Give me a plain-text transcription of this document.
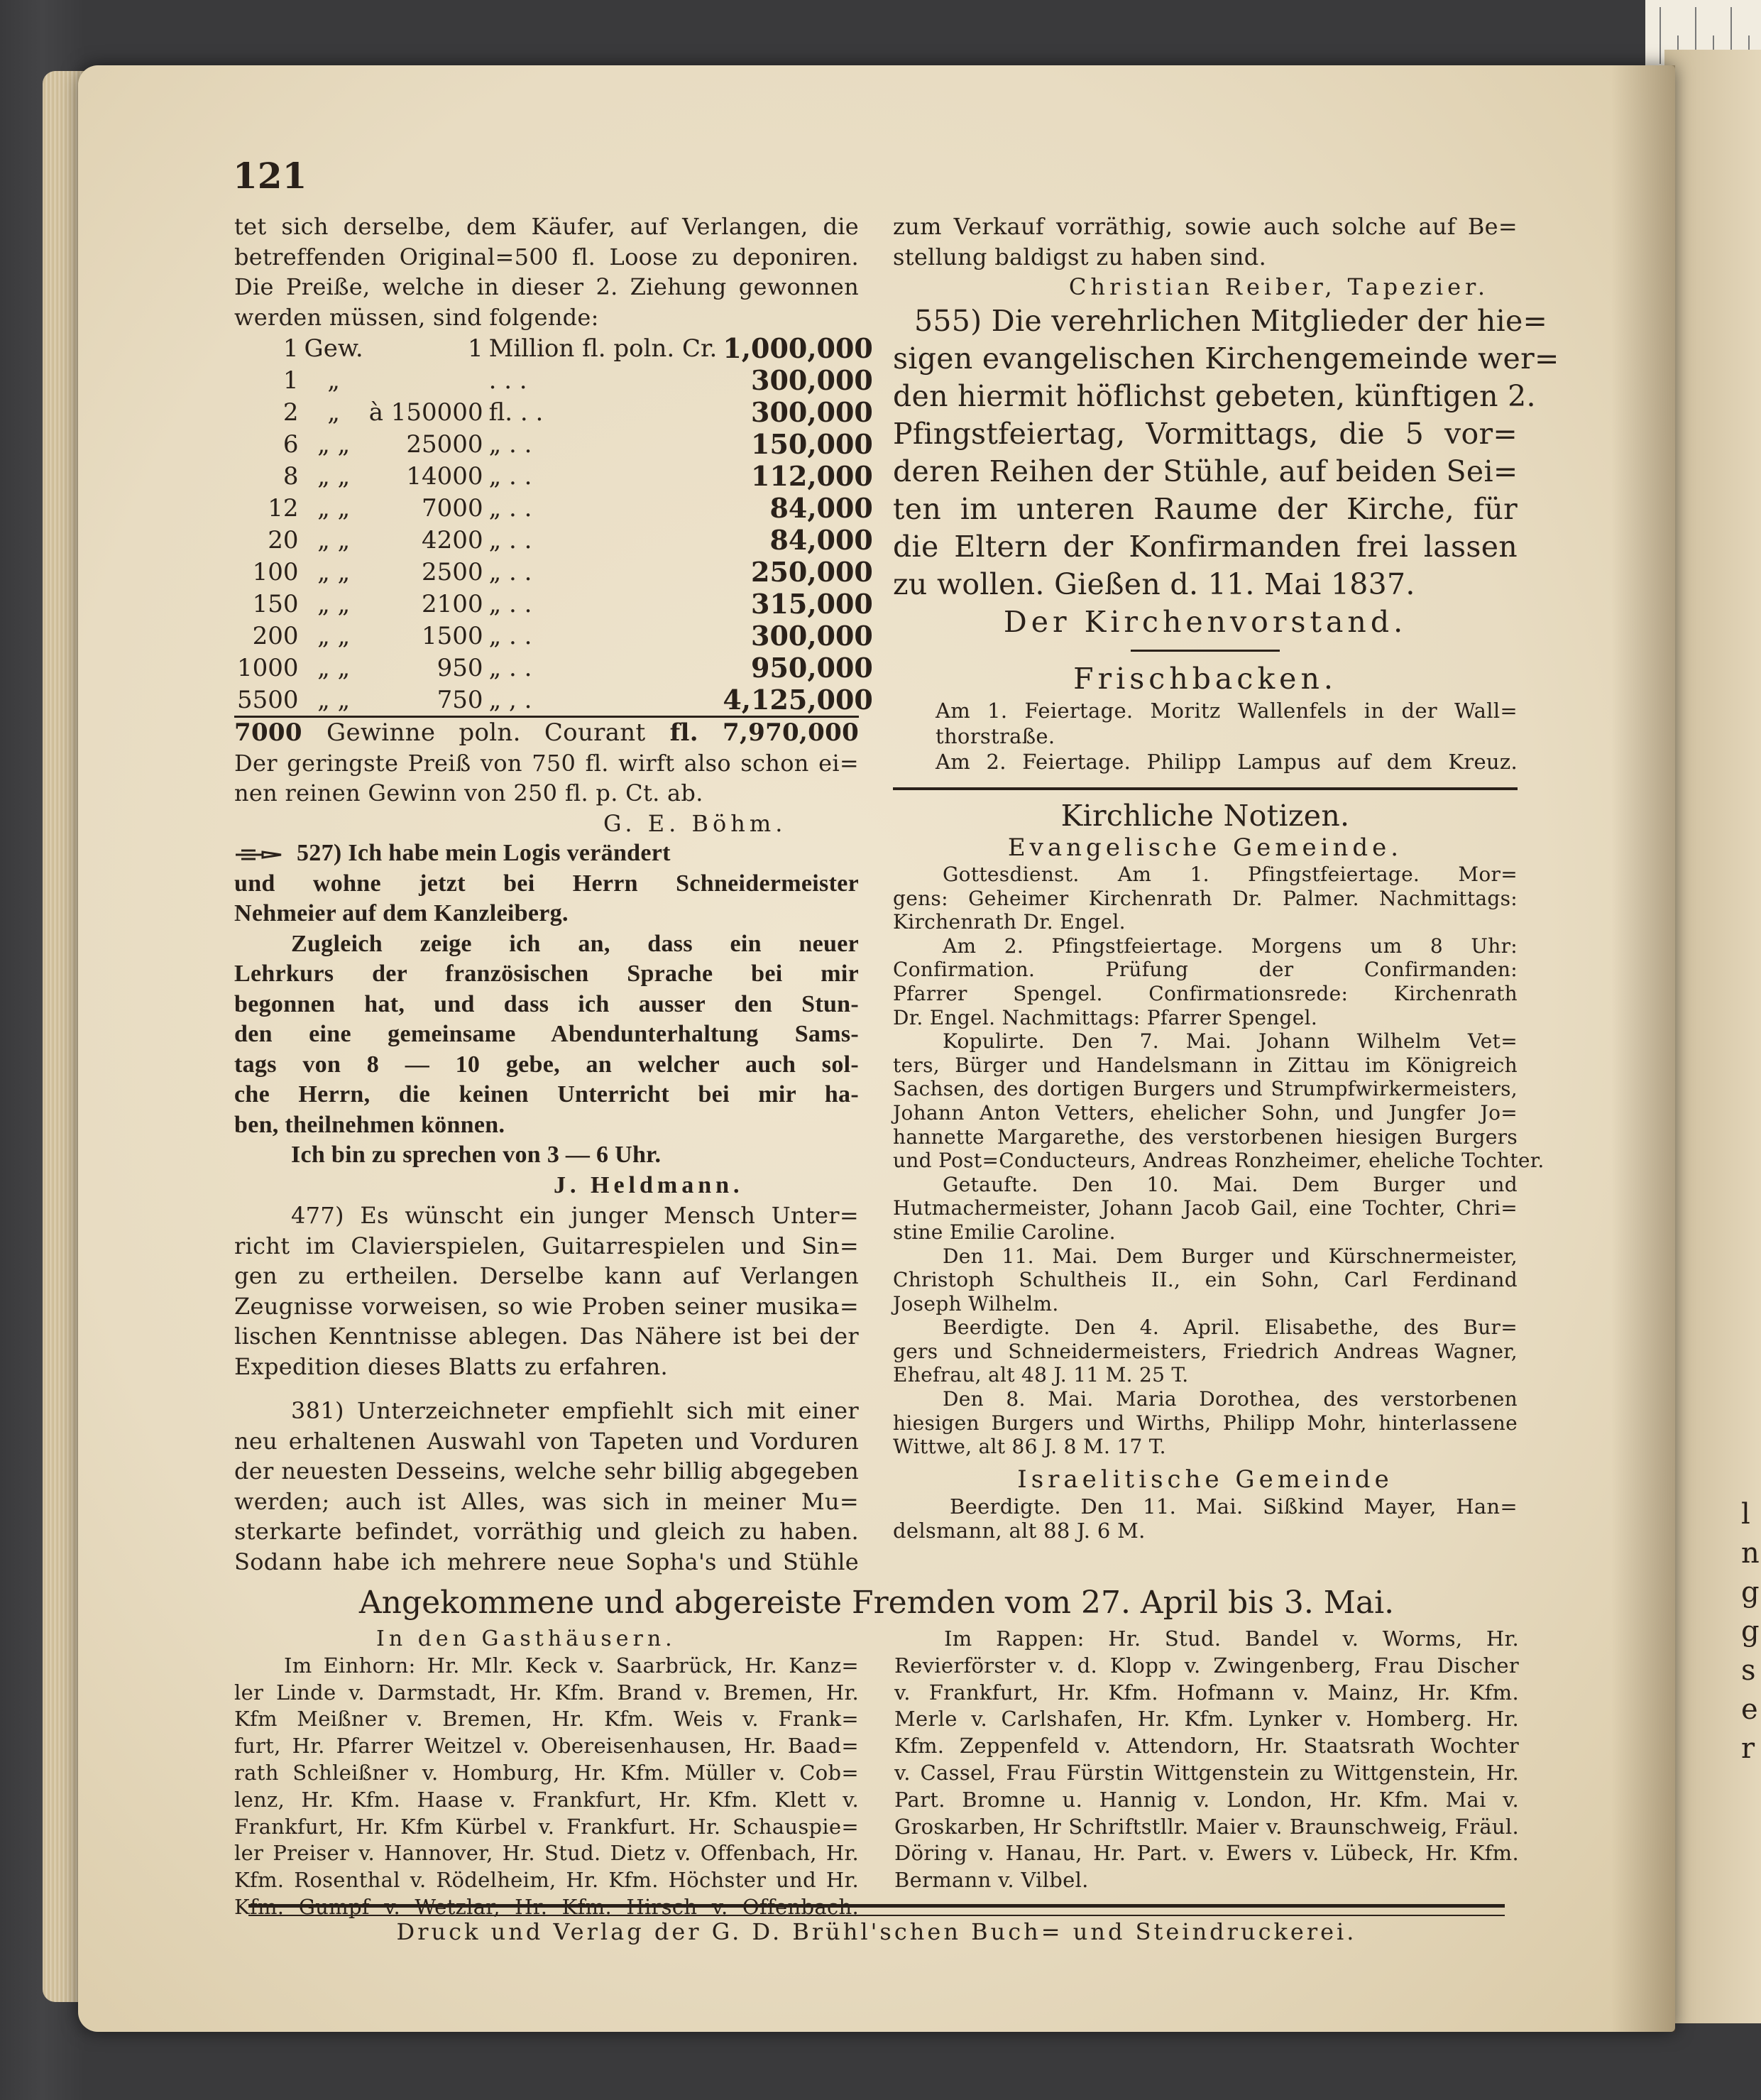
l
n
g
g
s
e
r
121
tet sich derselbe, dem Käufer, auf Verlangen, die
betreffenden Original=500 fl. Loose zu deponiren.
Die Preiße, welche in dieser 2. Ziehung gewonnen
werden müssen, sind folgende:
1	Gew.	1	Million fl. poln. Cr.	1,000,000
1	„		. . .	300,000
2	„	à 150000	fl. . .	300,000
6	„ „	25000	„ . .	150,000
8	„ „	14000	„ . .	112,000
12	„ „	7000	„ . .	84,000
20	„ „	4200	„ . .	84,000
100	„ „	2500	„ . .	250,000
150	„ „	2100	„ . .	315,000
200	„ „	1500	„ . .	300,000
1000	„ „	950	„ . .	950,000
5500	„ „	750	„ , .	4,125,000
7000 Gewinne poln. Courant fl. 7,970,000
Der geringste Preiß von 750 fl. wirft also schon ei=
nen reinen Gewinn von 250 fl. p. Ct. ab.
G. E. Böhm.
527) Ich habe mein Logis verändert
und wohne jetzt bei Herrn Schneidermeister
Nehmeier auf dem Kanzleiberg.
Zugleich zeige ich an, dass ein neuer
Lehrkurs der französischen Sprache bei mir
begonnen hat, und dass ich ausser den Stun-
den eine gemeinsame Abendunterhaltung Sams-
tags von 8 — 10 gebe, an welcher auch sol-
che Herrn, die keinen Unterricht bei mir ha-
ben, theilnehmen können.
Ich bin zu sprechen von 3 — 6 Uhr.
J. Heldmann.
477) Es wünscht ein junger Mensch Unter=
richt im Clavierspielen, Guitarrespielen und Sin=
gen zu ertheilen. Derselbe kann auf Verlangen
Zeugnisse vorweisen, so wie Proben seiner musika=
lischen Kenntnisse ablegen. Das Nähere ist bei der
Expedition dieses Blatts zu erfahren.
381) Unterzeichneter empfiehlt sich mit einer
neu erhaltenen Auswahl von Tapeten und Vorduren
der neuesten Desseins, welche sehr billig abgegeben
werden; auch ist Alles, was sich in meiner Mu=
sterkarte befindet, vorräthig und gleich zu haben.
Sodann habe ich mehrere neue Sopha's und Stühle
zum Verkauf vorräthig, sowie auch solche auf Be=
stellung baldigst zu haben sind.
Christian Reiber, Tapezier.
555) Die verehrlichen Mitglieder der hie=
sigen evangelischen Kirchengemeinde wer=
den hiermit höflichst gebeten, künftigen 2.
Pfingstfeiertag, Vormittags, die 5 vor=
deren Reihen der Stühle, auf beiden Sei=
ten im unteren Raume der Kirche, für
die Eltern der Konfirmanden frei lassen
zu wollen. Gießen d. 11. Mai 1837.
Der Kirchenvorstand.
Frischbacken.
Am 1. Feiertage. Moritz Wallenfels in der Wall=
thorstraße.
Am 2. Feiertage. Philipp Lampus auf dem Kreuz.
Kirchliche Notizen.
Evangelische Gemeinde.
Gottesdienst. Am 1. Pfingstfeiertage. Mor=
gens: Geheimer Kirchenrath Dr. Palmer. Nachmittags:
Kirchenrath Dr. Engel.
Am 2. Pfingstfeiertage. Morgens um 8 Uhr:
Confirmation. Prüfung der Confirmanden:
Pfarrer Spengel. Confirmationsrede: Kirchenrath
Dr. Engel. Nachmittags: Pfarrer Spengel.
Kopulirte. Den 7. Mai. Johann Wilhelm Vet=
ters, Bürger und Handelsmann in Zittau im Königreich
Sachsen, des dortigen Burgers und Strumpfwirkermeisters,
Johann Anton Vetters, ehelicher Sohn, und Jungfer Jo=
hannette Margarethe, des verstorbenen hiesigen Burgers
und Post=Conducteurs, Andreas Ronzheimer, eheliche Tochter.
Getaufte. Den 10. Mai. Dem Burger und
Hutmachermeister, Johann Jacob Gail, eine Tochter, Chri=
stine Emilie Caroline.
Den 11. Mai. Dem Burger und Kürschnermeister,
Christoph Schultheis II., ein Sohn, Carl Ferdinand
Joseph Wilhelm.
Beerdigte. Den 4. April. Elisabethe, des Bur=
gers und Schneidermeisters, Friedrich Andreas Wagner,
Ehefrau, alt 48 J. 11 M. 25 T.
Den 8. Mai. Maria Dorothea, des verstorbenen
hiesigen Burgers und Wirths, Philipp Mohr, hinterlassene
Wittwe, alt 86 J. 8 M. 17 T.
Israelitische Gemeinde
Beerdigte. Den 11. Mai. Sißkind Mayer, Han=
delsmann, alt 88 J. 6 M.
Angekommene und abgereiste Fremden vom 27. April bis 3. Mai.
In den Gasthäusern.
Im Einhorn: Hr. Mlr. Keck v. Saarbrück, Hr. Kanz=
ler Linde v. Darmstadt, Hr. Kfm. Brand v. Bremen, Hr.
Kfm Meißner v. Bremen, Hr. Kfm. Weis v. Frank=
furt, Hr. Pfarrer Weitzel v. Obereisenhausen, Hr. Baad=
rath Schleißner v. Homburg, Hr. Kfm. Müller v. Cob=
lenz, Hr. Kfm. Haase v. Frankfurt, Hr. Kfm. Klett v.
Frankfurt, Hr. Kfm Kürbel v. Frankfurt. Hr. Schauspie=
ler Preiser v. Hannover, Hr. Stud. Dietz v. Offenbach, Hr.
Kfm. Rosenthal v. Rödelheim, Hr. Kfm. Höchster und Hr.
Kfm. Gumpf v. Wetzlar, Hr. Kfm. Hirsch v. Offenbach.
Im Rappen: Hr. Stud. Bandel v. Worms, Hr.
Revierförster v. d. Klopp v. Zwingenberg, Frau Discher
v. Frankfurt, Hr. Kfm. Hofmann v. Mainz, Hr. Kfm.
Merle v. Carlshafen, Hr. Kfm. Lynker v. Homberg. Hr.
Kfm. Zeppenfeld v. Attendorn, Hr. Staatsrath Wochter
v. Cassel, Frau Fürstin Wittgenstein zu Wittgenstein, Hr.
Part. Bromne u. Hannig v. London, Hr. Kfm. Mai v.
Groskarben, Hr Schriftstllr. Maier v. Braunschweig, Fräul.
Döring v. Hanau, Hr. Part. v. Ewers v. Lübeck, Hr. Kfm.
Bermann v. Vilbel.
Druck und Verlag der G. D. Brühl'schen Buch= und Steindruckerei.
